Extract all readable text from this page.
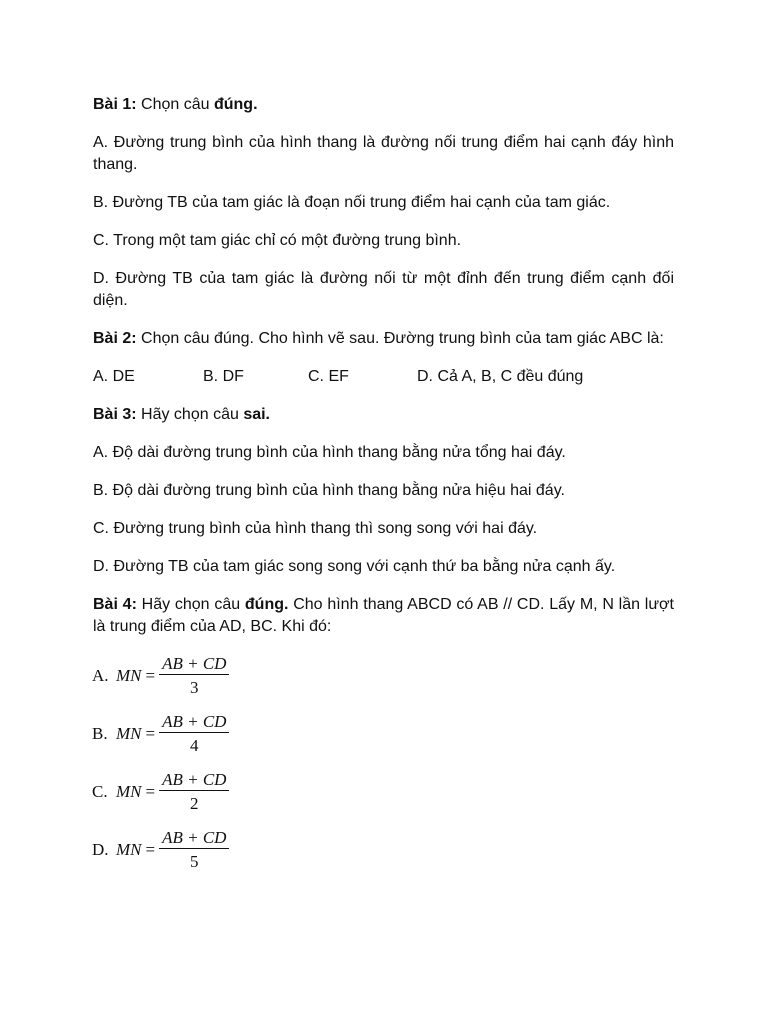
Bài 1: Chọn câu đúng.

A. Đường trung bình của hình thang là đường nối trung điểm hai cạnh đáy hình thang.

B. Đường TB của tam giác là đoạn nối trung điểm hai cạnh của tam giác.

C. Trong một tam giác chỉ có một đường trung bình.

D. Đường TB của tam giác là đường nối từ một đỉnh đến trung điểm cạnh đối diện.

Bài 2: Chọn câu đúng. Cho hình vẽ sau. Đường trung bình của tam giác ABC là:

A. DE	B. DF	C. EF	D. Cả A, B, C đều đúng

Bài 3: Hãy chọn câu sai.

A. Độ dài đường trung bình của hình thang bằng nửa tổng hai đáy.

B. Độ dài đường trung bình của hình thang bằng nửa hiệu hai đáy.

C. Đường trung bình của hình thang thì song song với hai đáy.

D. Đường TB của tam giác song song với cạnh thứ ba bằng nửa cạnh ấy.

Bài 4: Hãy chọn câu đúng. Cho hình thang ABCD có AB // CD. Lấy M, N lần lượt là trung điểm của AD, BC. Khi đó:

A. MN = $\frac{AB + CD}{3}$
B. MN = $\frac{AB + CD}{4}$
C. MN = $\frac{AB + CD}{2}$
D. MN = $\frac{AB + CD}{5}$
